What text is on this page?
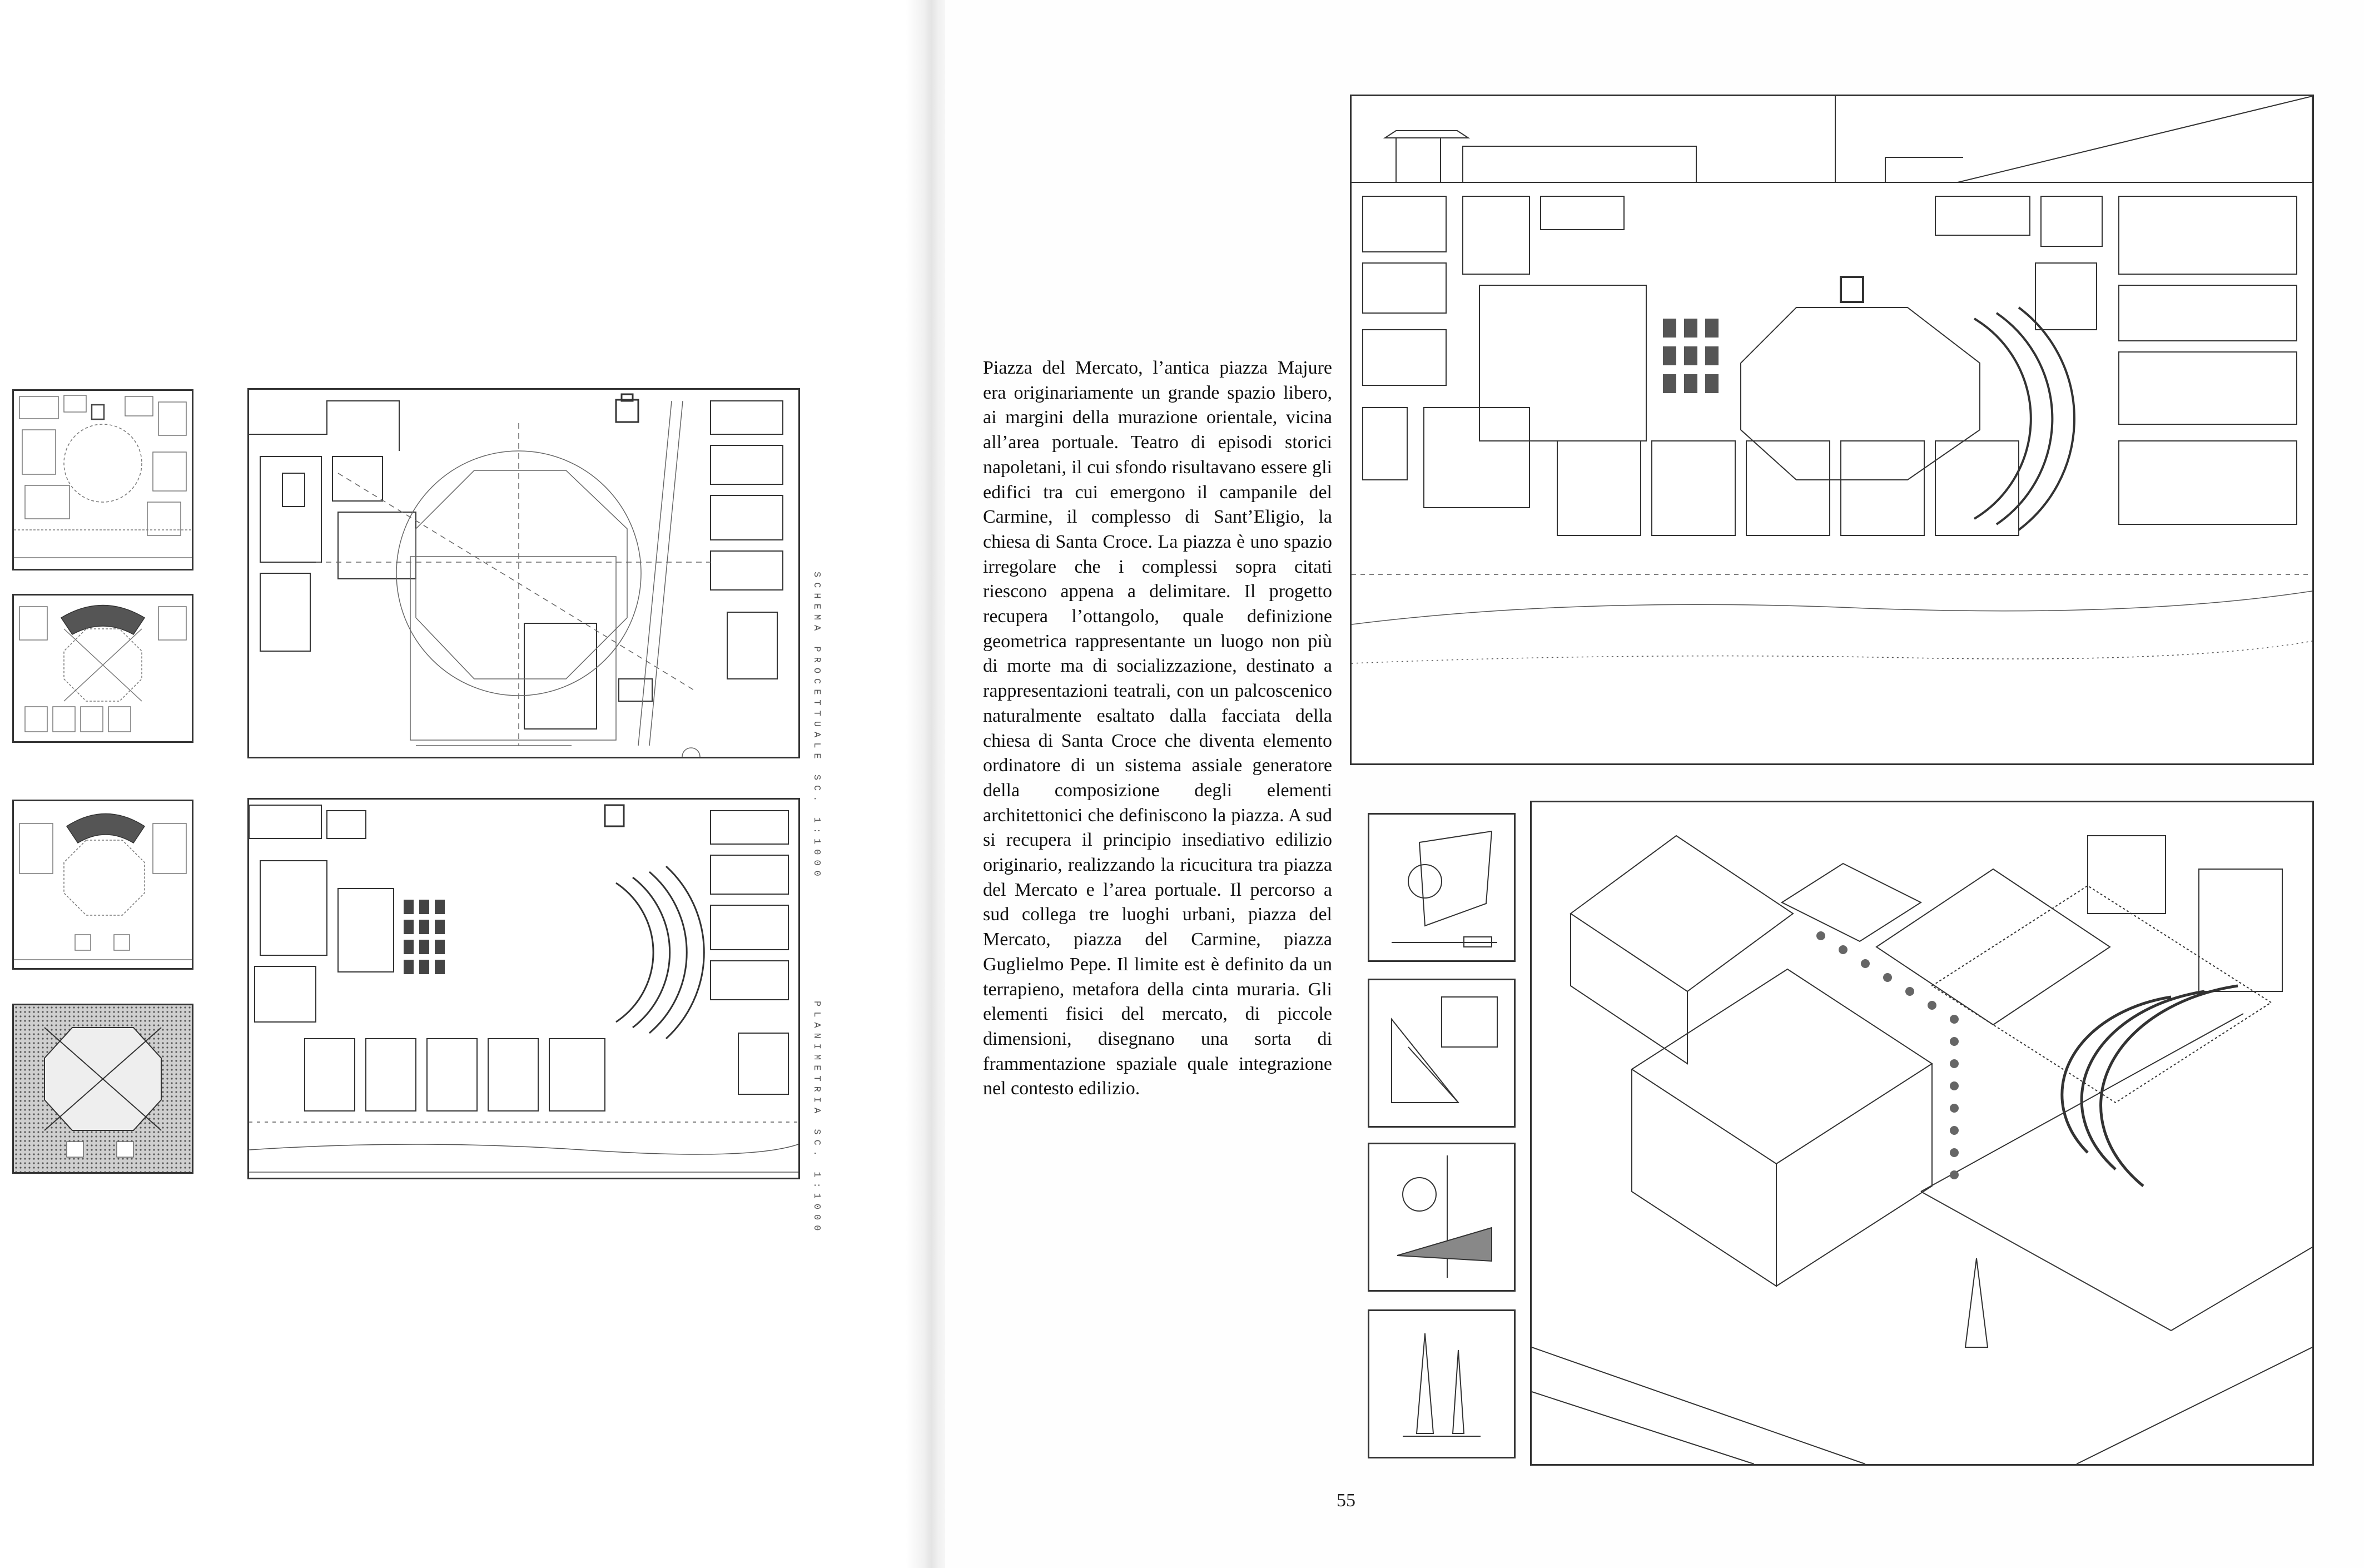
SCHEMA PROCETTUALE SC. 1:1000
PLANIMETRIA SC. 1:1000
Piazza del Mercato, l’antica piazza Majure era originariamente un grande spazio libero, ai margini della murazione orientale, vicina all’area portuale. Teatro di episodi storici napoletani, il cui sfondo risultavano essere gli edifici tra cui emergono il campanile del Carmine, il complesso di Sant’Eligio, la chiesa di Santa Croce. La piazza è uno spazio irregolare che i complessi sopra citati riescono appena a delimitare. Il progetto recupera l’ottangolo, quale definizione geometrica rappresentante un luogo non più di morte ma di socializzazione, destinato a rappresentazioni teatrali, con un palcoscenico naturalmente esaltato dalla facciata della chiesa di Santa Croce che diventa elemento ordinatore di un sistema assiale generatore della composizione degli elementi architettonici che definiscono la piazza. A sud si recupera il principio insediativo edilizio originario, realizzando la ricucitura tra piazza del Mercato e l’area portuale. Il percorso a sud collega tre luoghi urbani, piazza del Mercato, piazza del Carmine, piazza Guglielmo Pepe. Il limite est è definito da un terrapieno, metafora della cinta muraria. Gli elementi fisici del mercato, di piccole dimensioni, disegnano una sorta di frammentazione spaziale quale integrazione nel contesto edilizio.
55
